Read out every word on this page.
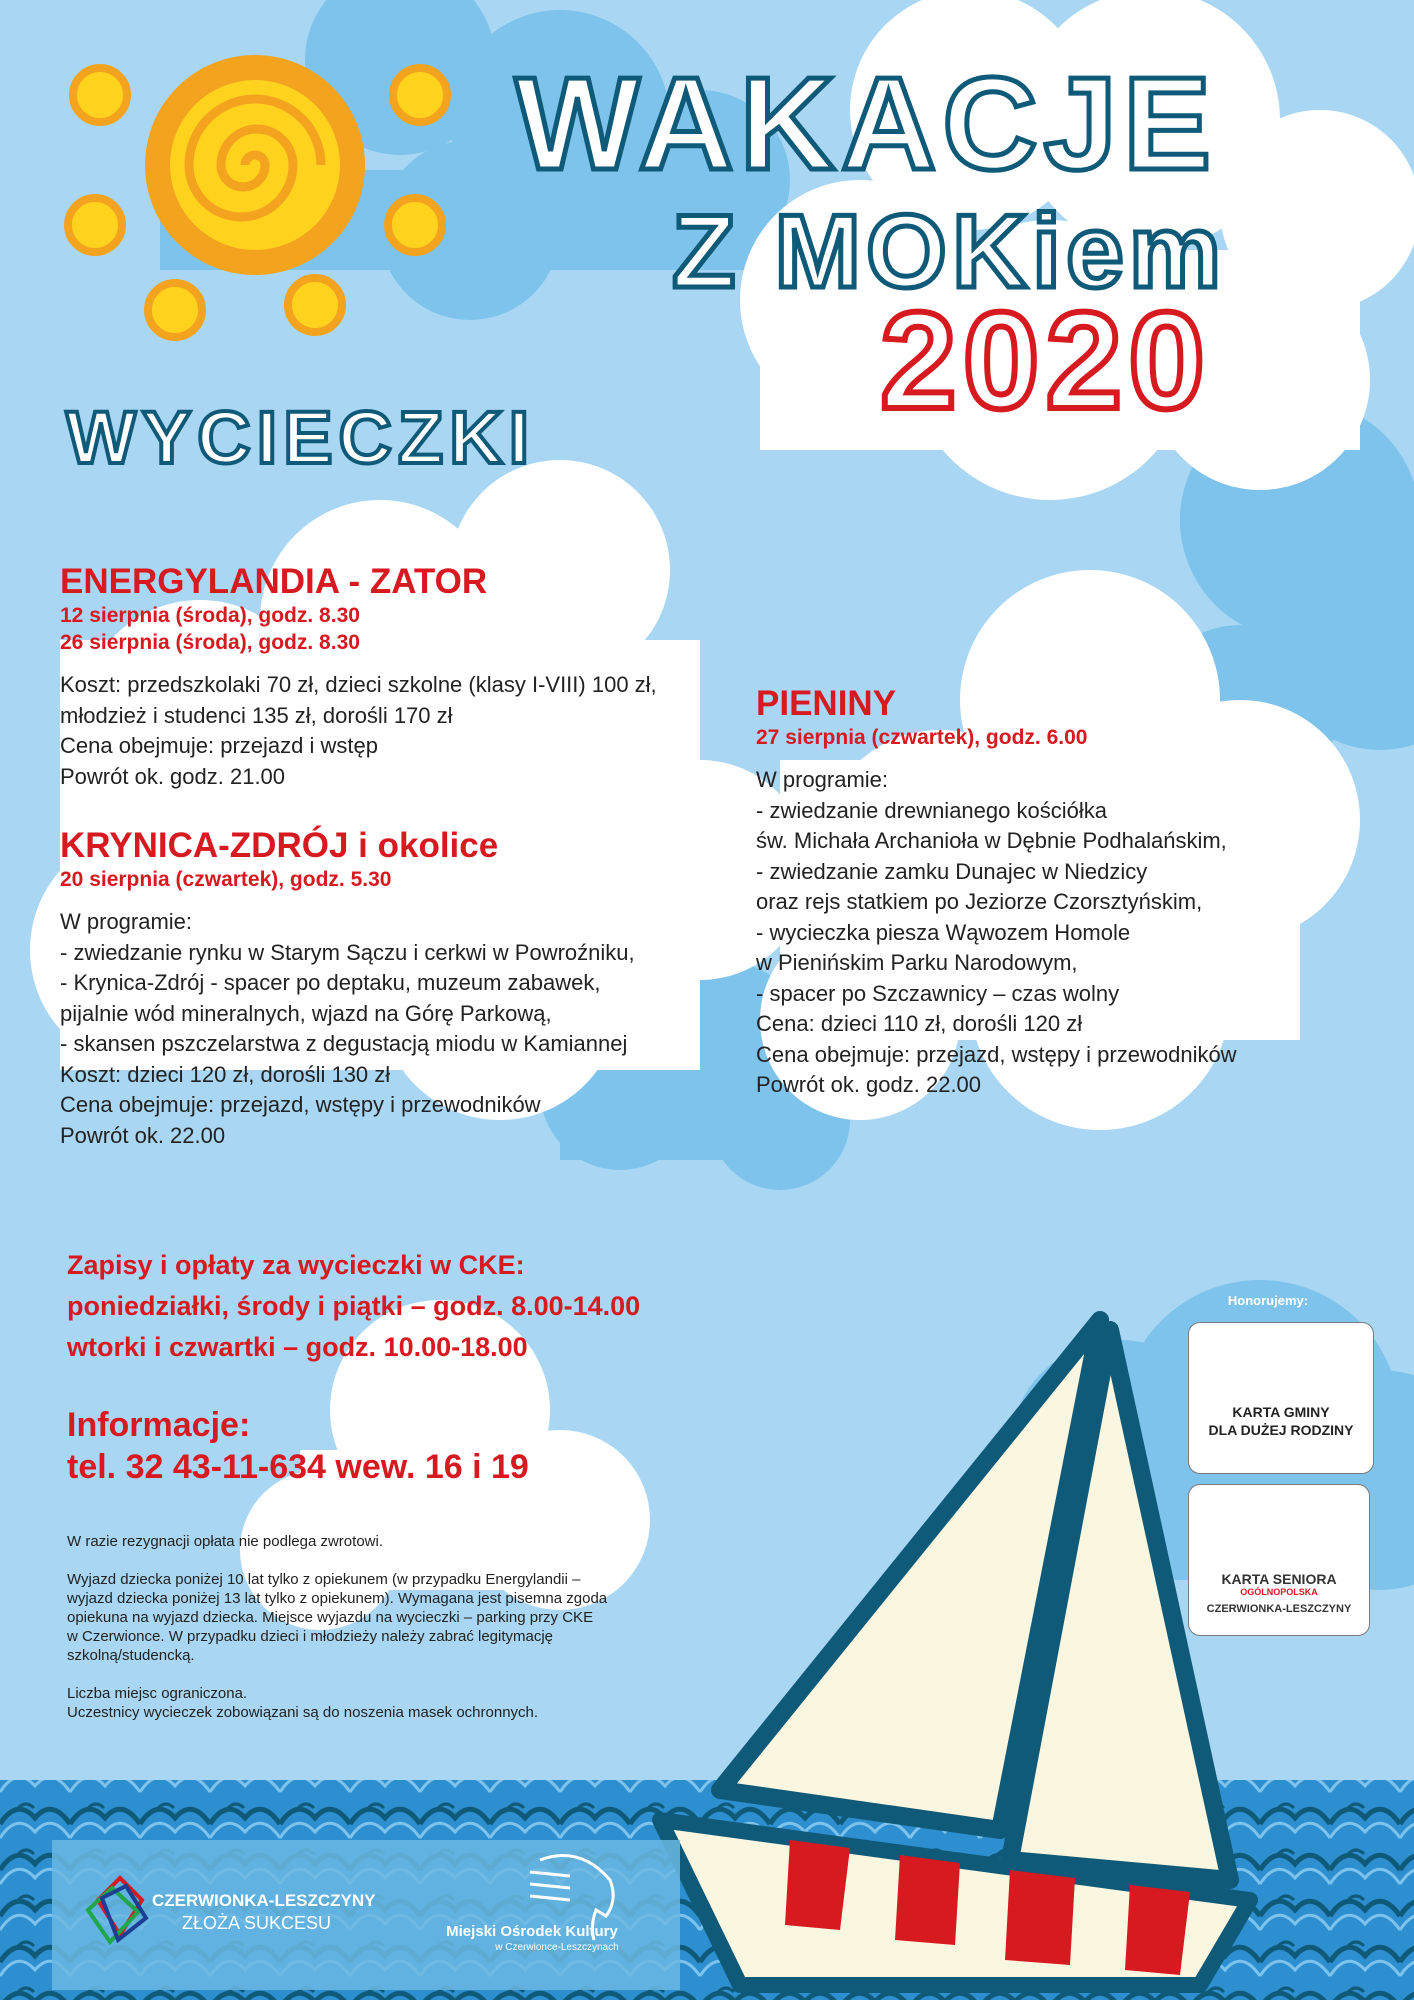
WAKACJE
Z MOKiem
2020
WYCIECZKI
ENERGYLANDIA - ZATOR
12 sierpnia (środa), godz. 8.30
26 sierpnia (środa), godz. 8.30
Koszt: przedszkolaki 70 zł, dzieci szkolne (klasy I-VIII) 100 zł,
młodzież i studenci 135 zł, dorośli 170 zł
Cena obejmuje: przejazd i wstęp
Powrót ok. godz. 21.00
KRYNICA-ZDRÓJ i okolice
20 sierpnia (czwartek), godz. 5.30
W programie:
- zwiedzanie rynku w Starym Sączu i cerkwi w Powroźniku,
- Krynica-Zdrój - spacer po deptaku, muzeum zabawek,
pijalnie wód mineralnych, wjazd na Górę Parkową,
- skansen pszczelarstwa z degustacją miodu w Kamiannej
Koszt: dzieci 120 zł, dorośli 130 zł
Cena obejmuje: przejazd, wstępy i przewodników
Powrót ok. 22.00
PIENINY
27 sierpnia (czwartek), godz. 6.00
W programie:
- zwiedzanie drewnianego kościółka
św. Michała Archanioła w Dębnie Podhalańskim,
- zwiedzanie zamku Dunajec w Niedzicy
oraz rejs statkiem po Jeziorze Czorsztyńskim,
- wycieczka piesza Wąwozem Homole
w Pienińskim Parku Narodowym,
- spacer po Szczawnicy – czas wolny
Cena: dzieci 110 zł, dorośli 120 zł
Cena obejmuje: przejazd, wstępy i przewodników
Powrót ok. godz. 22.00
Zapisy i opłaty za wycieczki w CKE:
poniedziałki, środy i piątki – godz. 8.00-14.00
wtorki i czwartki – godz. 10.00-18.00
Informacje:
tel. 32 43-11-634 wew. 16 i 19
W razie rezygnacji opłata nie podlega zwrotowi.
Wyjazd dziecka poniżej 10 lat tylko z opiekunem (w przypadku Energylandii –
wyjazd dziecka poniżej 13 lat tylko z opiekunem). Wymagana jest pisemna zgoda
opiekuna na wyjazd dziecka. Miejsce wyjazdu na wycieczki – parking przy CKE
w Czerwionce. W przypadku dzieci i młodzieży należy zabrać legitymację
szkolną/studencką.
Liczba miejsc ograniczona.
Uczestnicy wycieczek zobowiązani są do noszenia masek ochronnych.
Honorujemy:
KARTA GMINY
DLA DUŻEJ RODZINY
KARTA SENIORA
OGÓLNOPOLSKA
CZERWIONKA-LESZCZYNY
CZERWIONKA-LESZCZYNY
ZŁOŻA SUKCESU	Miejski Ośrodek Kultury
w Czerwionce-Leszczynach
